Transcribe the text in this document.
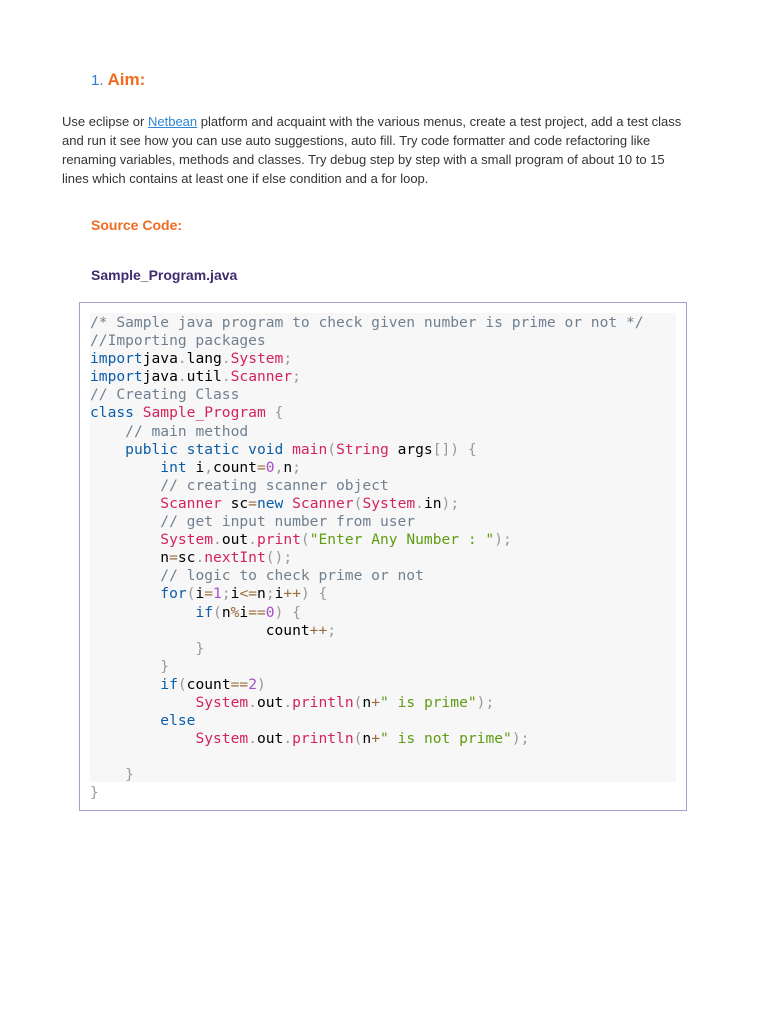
1. Aim:
Use eclipse or Netbean platform and acquaint with the various menus, create a test project, add a test class and run it see how you can use auto suggestions, auto fill. Try code formatter and code refactoring like renaming variables, methods and classes. Try debug step by step with a small program of about 10 to 15 lines which contains at least one if else condition and a for loop.
Source Code:
Sample_Program.java
/* Sample java program to check given number is prime or not */
//Importing packages
importjava.lang.System;
importjava.util.Scanner;
// Creating Class
class Sample_Program {
// main method
public static void main(String args[]) {
int i,count=0,n;
// creating scanner object
Scanner sc=new Scanner(System.in);
// get input number from user
System.out.print("Enter Any Number : ");
n=sc.nextInt();
// logic to check prime or not
for(i=1;i<=n;i++) {
if(n%i==0) {
count++;
}
}
if(count==2)
System.out.println(n+" is prime");
else
System.out.println(n+" is not prime");
}
}
